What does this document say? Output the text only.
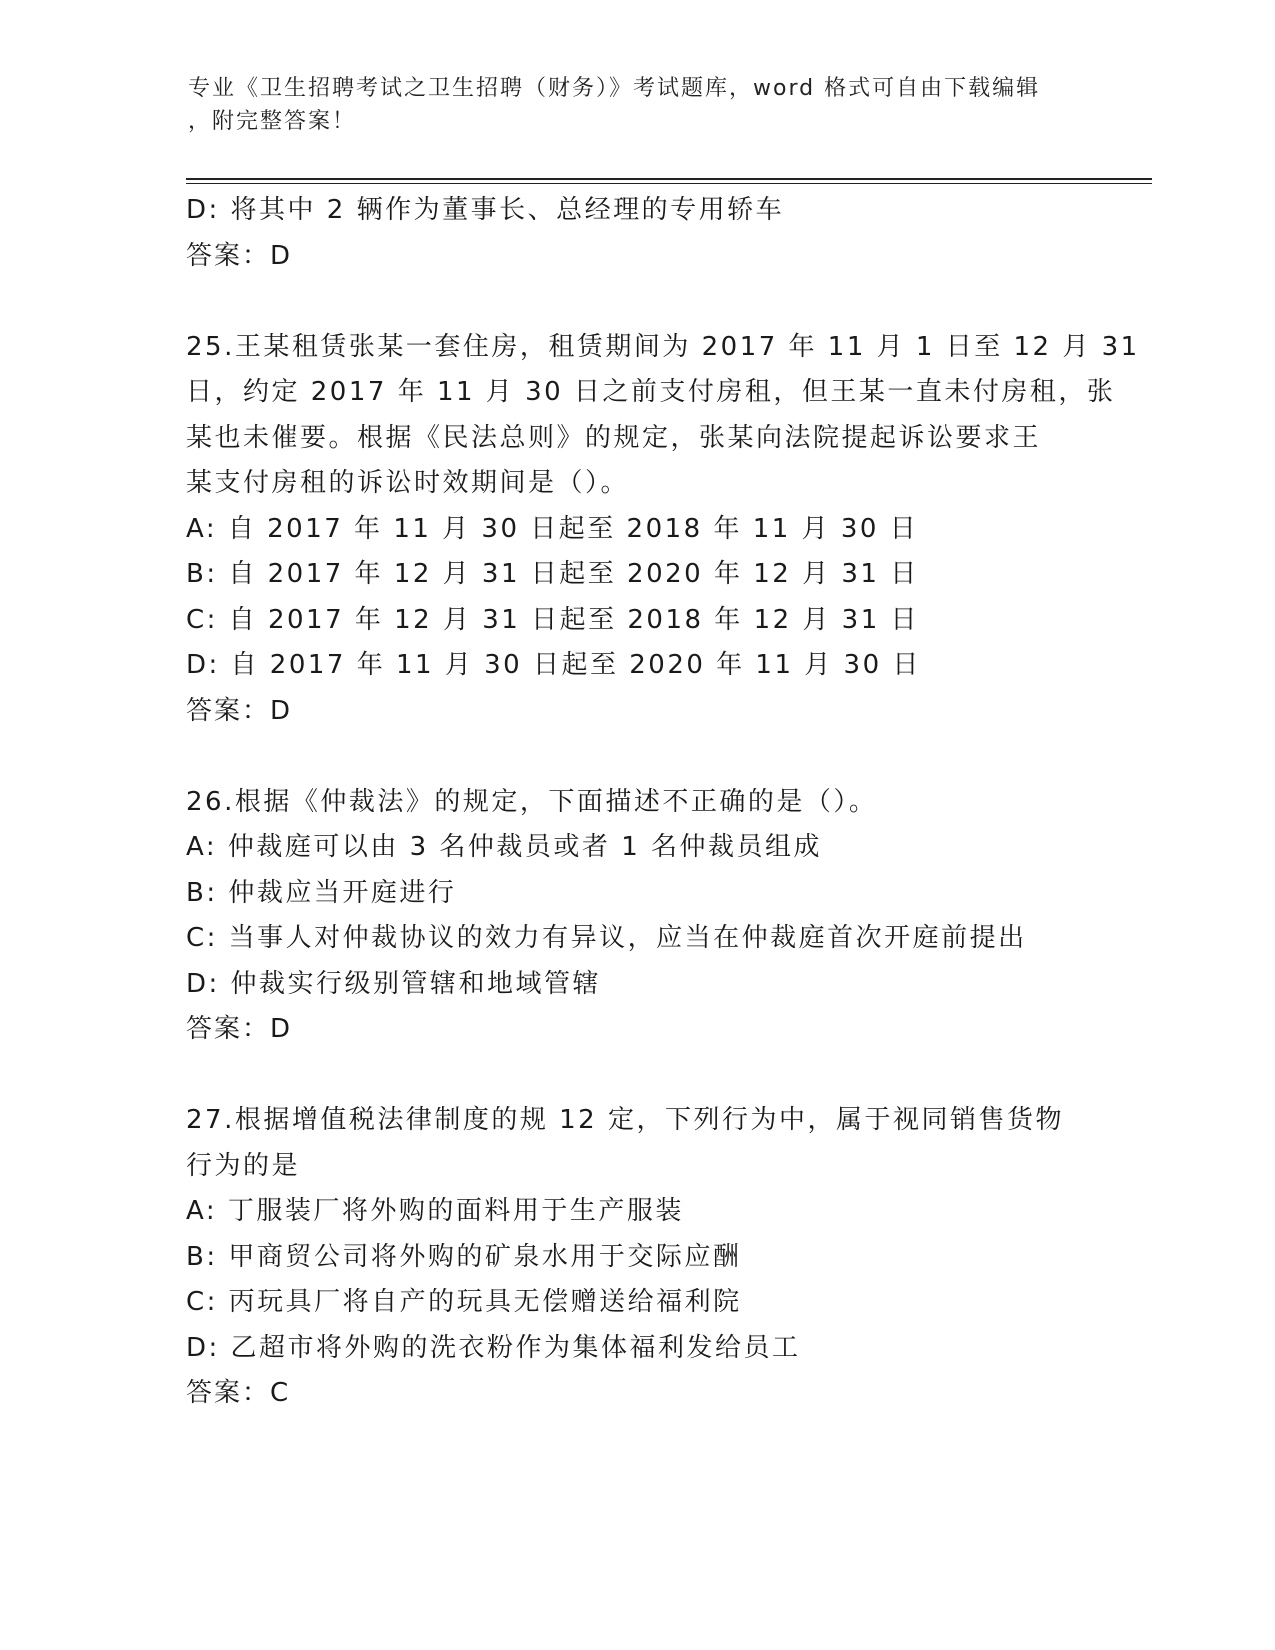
专业《卫生招聘考试之卫生招聘（财务）》考试题库，word 格式可自由下载编辑
，附完整答案！
D: 将其中 2 辆作为董事长、总经理的专用轿车
答案：D
25.王某租赁张某一套住房，租赁期间为 2017 年 11 月 1 日至 12 月 31
日，约定 2017 年 11 月 30 日之前支付房租，但王某一直未付房租，张
某也未催要。根据《民法总则》的规定，张某向法院提起诉讼要求王
某支付房租的诉讼时效期间是（）。
A: 自 2017 年 11 月 30 日起至 2018 年 11 月 30 日
B: 自 2017 年 12 月 31 日起至 2020 年 12 月 31 日
C: 自 2017 年 12 月 31 日起至 2018 年 12 月 31 日
D: 自 2017 年 11 月 30 日起至 2020 年 11 月 30 日
答案：D
26.根据《仲裁法》的规定，下面描述不正确的是（）。
A: 仲裁庭可以由 3 名仲裁员或者 1 名仲裁员组成
B: 仲裁应当开庭进行
C: 当事人对仲裁协议的效力有异议，应当在仲裁庭首次开庭前提出
D: 仲裁实行级别管辖和地域管辖
答案：D
27.根据增值税法律制度的规 12 定，下列行为中，属于视同销售货物
行为的是
A: 丁服装厂将外购的面料用于生产服装
B: 甲商贸公司将外购的矿泉水用于交际应酬
C: 丙玩具厂将自产的玩具无偿赠送给福利院
D: 乙超市将外购的洗衣粉作为集体福利发给员工
答案：C
